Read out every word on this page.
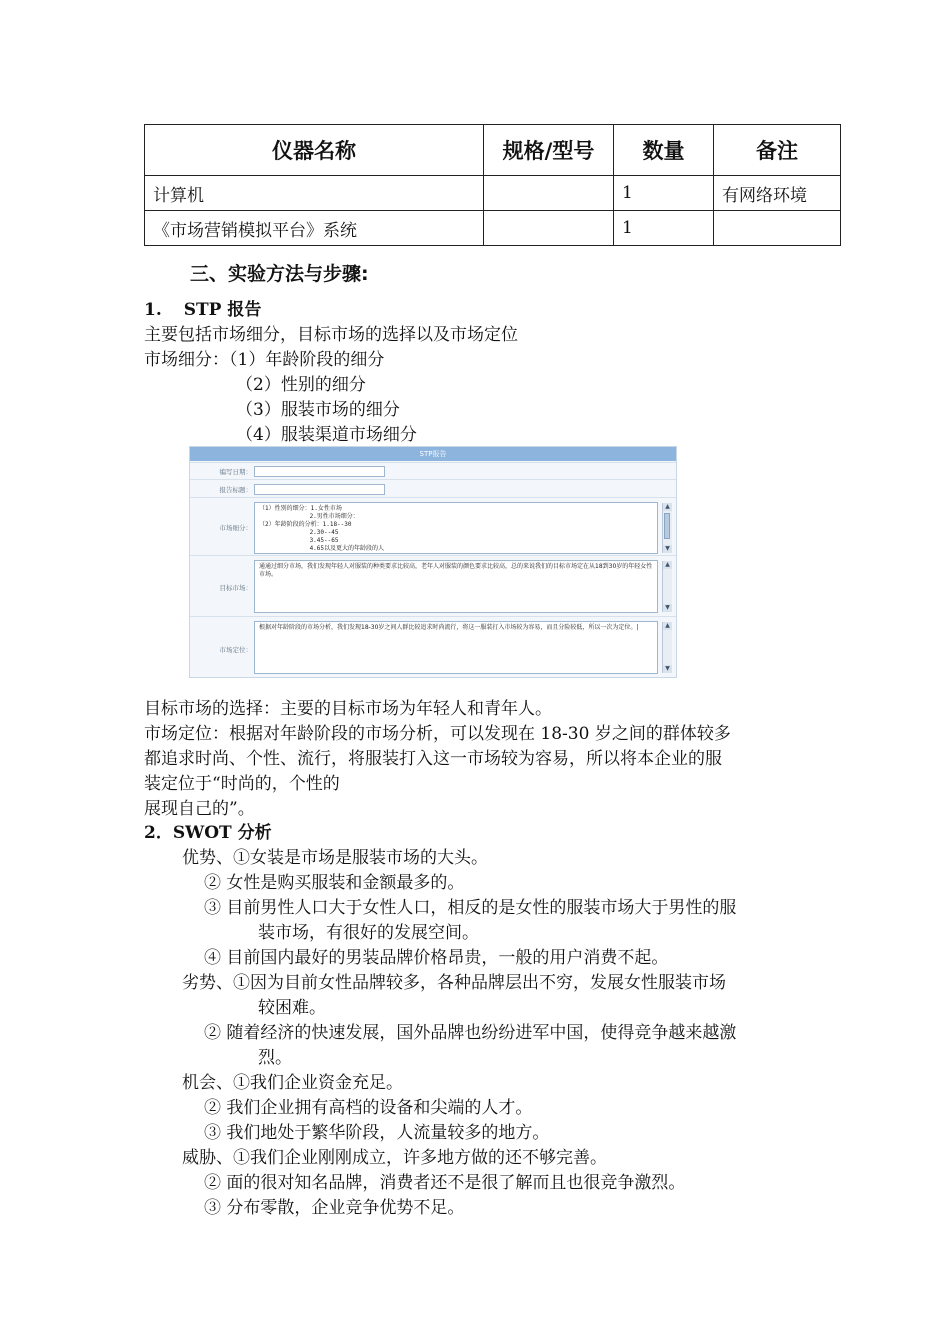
仪器名称	规格/型号	数量	备注
计算机		1	有网络环境
《市场营销模拟平台》系统		1	
三、实验方法与步骤:
1. STP 报告
主要包括市场细分，目标市场的选择以及市场定位
市场细分：（1）年龄阶段的细分
（2）性别的细分
（3）服装市场的细分
（4）服装渠道市场细分
STP报告
编写日期：
报告标题：
市场细分：
（1）性别的细分：1.女性市场
2.男性市场细分：
（2）年龄阶段的分析：1.18--30
2.30--45
3.45--65
4.65以及更大的年龄段的人
▲
▼
目标市场：
通通过细分市场，我们发现年轻人对服装的种类要求比较高，老年人对服装的颜色要求比较高，总的来说我们的目标市场定在从18到30岁的年轻女性市场。
▲
▼
市场定位：
根据对年龄阶段的市场分析，我们发现18-30岁之间人群比较追求时尚流行，将这一服装打入市场较为容易，而且分险较低，所以一次为定位。|	▲
▼
目标市场的选择：主要的目标市场为年轻人和青年人。
市场定位：根据对年龄阶段的市场分析，可以发现在 18-30 岁之间的群体较多
都追求时尚、个性、流行，将服装打入这一市场较为容易，所以将本企业的服
装定位于“时尚的，个性的
展现自己的”。
2．SWOT 分析
优势、①女装是市场是服装市场的大头。
② 女性是购买服装和金额最多的。
③ 目前男性人口大于女性人口，相反的是女性的服装市场大于男性的服
装市场，有很好的发展空间。
④ 目前国内最好的男装品牌价格昂贵，一般的用户消费不起。
劣势、①因为目前女性品牌较多，各种品牌层出不穷，发展女性服装市场
较困难。
② 随着经济的快速发展，国外品牌也纷纷进军中国，使得竞争越来越激
烈。
机会、①我们企业资金充足。
② 我们企业拥有高档的设备和尖端的人才。
③ 我们地处于繁华阶段，人流量较多的地方。
威胁、①我们企业刚刚成立，许多地方做的还不够完善。
② 面的很对知名品牌，消费者还不是很了解而且也很竞争激烈。
③ 分布零散，企业竞争优势不足。
